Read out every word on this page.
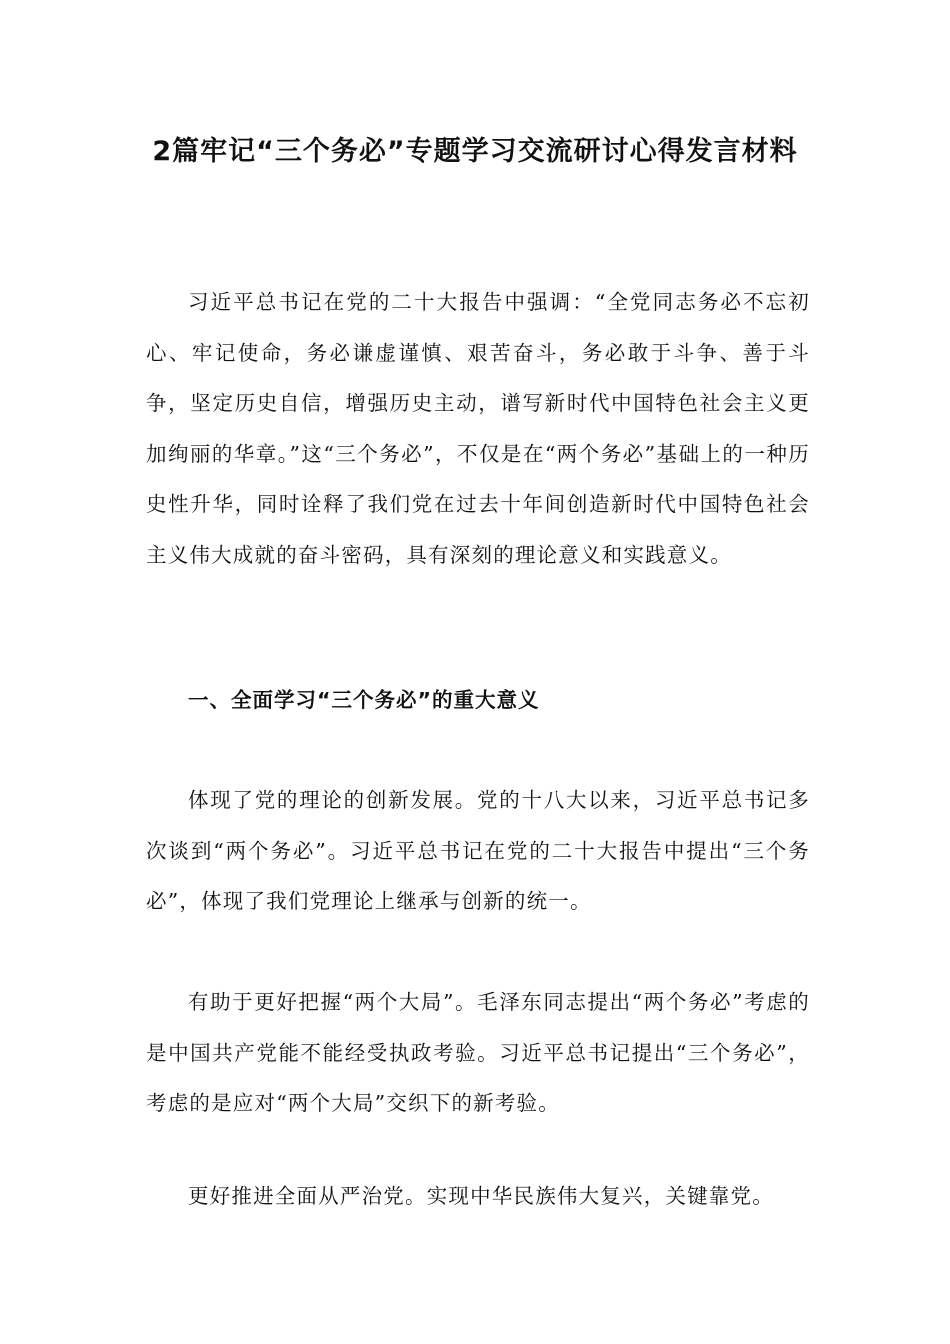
2篇牢记“三个务必”专题学习交流研讨心得发言材料

习近平总书记在党的二十大报告中强调：“全党同志务必不忘初心、牢记使命，务必谦虚谨慎、艰苦奋斗，务必敢于斗争、善于斗争，坚定历史自信，增强历史主动，谱写新时代中国特色社会主义更加绚丽的华章。”这“三个务必”，不仅是在“两个务必”基础上的一种历史性升华，同时诠释了我们党在过去十年间创造新时代中国特色社会主义伟大成就的奋斗密码，具有深刻的理论意义和实践意义。

一、全面学习“三个务必”的重大意义

体现了党的理论的创新发展。党的十八大以来，习近平总书记多次谈到“两个务必”。习近平总书记在党的二十大报告中提出“三个务必”，体现了我们党理论上继承与创新的统一。

有助于更好把握“两个大局”。毛泽东同志提出“两个务必”考虑的是中国共产党能不能经受执政考验。习近平总书记提出“三个务必”，考虑的是应对“两个大局”交织下的新考验。

更好推进全面从严治党。实现中华民族伟大复兴，关键靠党。
